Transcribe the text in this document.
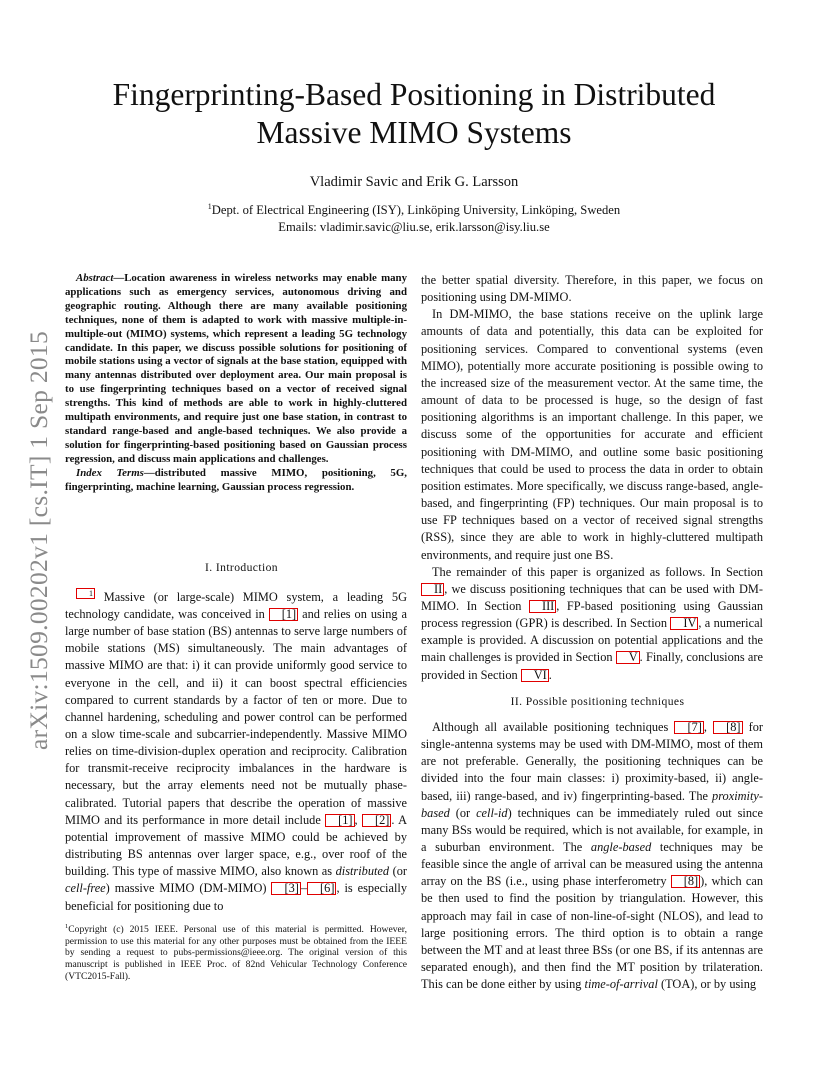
arXiv:1509.00202v1 [cs.IT] 1 Sep 2015
Fingerprinting-Based Positioning in Distributed
Massive MIMO Systems
Vladimir Savic and Erik G. Larsson
$^1$Dept. of Electrical Engineering (ISY), Linköping University, Linköping, Sweden
Emails: vladimir.savic@liu.se, erik.larsson@isy.liu.se

Abstract—Location awareness in wireless networks may enable many applications such as emergency services, autonomous driving and geographic routing. Although there are many available positioning techniques, none of them is adapted to work with massive multiple-in-multiple-out (MIMO) systems, which represent a leading 5G technology candidate. In this paper, we discuss possible solutions for positioning of mobile stations using a vector of signals at the base station, equipped with many antennas distributed over deployment area. Our main proposal is to use fingerprinting techniques based on a vector of received signal strengths. This kind of methods are able to work in highly-cluttered multipath environments, and require just one base station, in contrast to standard range-based and angle-based techniques. We also provide a solution for fingerprinting-based positioning based on Gaussian process regression, and discuss main applications and challenges.

Index Terms—distributed massive MIMO, positioning, 5G, fingerprinting, machine learning, Gaussian process regression.

I. Introduction

1 Massive (or large-scale) MIMO system, a leading 5G technology candidate, was conceived in [1] and relies on using a large number of base station (BS) antennas to serve large numbers of mobile stations (MS) simultaneously. The main advantages of massive MIMO are that: i) it can provide uniformly good service to everyone in the cell, and ii) it can boost spectral efficiencies compared to current standards by a factor of ten or more. Due to channel hardening, scheduling and power control can be performed on a slow time-scale and subcarrier-independently. Massive MIMO relies on time-division-duplex operation and reciprocity. Calibration for transmit-receive reciprocity imbalances in the hardware is necessary, but the array elements need not be mutually phase-calibrated. Tutorial papers that describe the operation of massive MIMO and its performance in more detail include [1] , [2] . A potential improvement of massive MIMO could be achieved by distributing BS antennas over larger space, e.g., over roof of the building. This type of massive MIMO, also known as distributed (or cell-free) massive MIMO (DM-MIMO) [3] – [6] , is especially beneficial for positioning due to

$^1$Copyright (c) 2015 IEEE. Personal use of this material is permitted. However, permission to use this material for any other purposes must be obtained from the IEEE by sending a request to pubs-permissions@ieee.org. The original version of this manuscript is published in IEEE Proc. of 82nd Vehicular Technology Conference (VTC2015-Fall).

the better spatial diversity. Therefore, in this paper, we focus on positioning using DM-MIMO.

In DM-MIMO, the base stations receive on the uplink large amounts of data and potentially, this data can be exploited for positioning services. Compared to conventional systems (even MIMO), potentially more accurate positioning is possible owing to the increased size of the measurement vector. At the same time, the amount of data to be processed is huge, so the design of fast positioning algorithms is an important challenge. In this paper, we discuss some of the opportunities for accurate and efficient positioning with DM-MIMO, and outline some basic positioning techniques that could be used to process the data in order to obtain position estimates. More specifically, we discuss range-based, angle-based, and fingerprinting (FP) techniques. Our main proposal is to use FP techniques based on a vector of received signal strengths (RSS), since they are able to work in highly-cluttered multipath environments, and require just one BS.

The remainder of this paper is organized as follows. In Section II , we discuss positioning techniques that can be used with DM-MIMO. In Section III , FP-based positioning using Gaussian process regression (GPR) is described. In Section IV , a numerical example is provided. A discussion on potential applications and the main challenges is provided in Section V . Finally, conclusions are provided in Section VI .

II. Possible positioning techniques

Although all available positioning techniques [7] , [8] for single-antenna systems may be used with DM-MIMO, most of them are not preferable. Generally, the positioning techniques can be divided into the four main classes: i) proximity-based, ii) angle-based, iii) range-based, and iv) fingerprinting-based. The proximity-based (or cell-id) techniques can be immediately ruled out since many BSs would be required, which is not available, for example, in a suburban environment. The angle-based techniques may be feasible since the angle of arrival can be measured using the antenna array on the BS (i.e., using phase interferometry [8] ), which can be then used to find the position by triangulation. However, this approach may fail in case of non-line-of-sight (NLOS), and lead to large positioning errors. The third option is to obtain a range between the MT and at least three BSs (or one BS, if its antennas are separated enough), and then find the MT position by trilateration. This can be done either by using time-of-arrival (TOA), or by using
